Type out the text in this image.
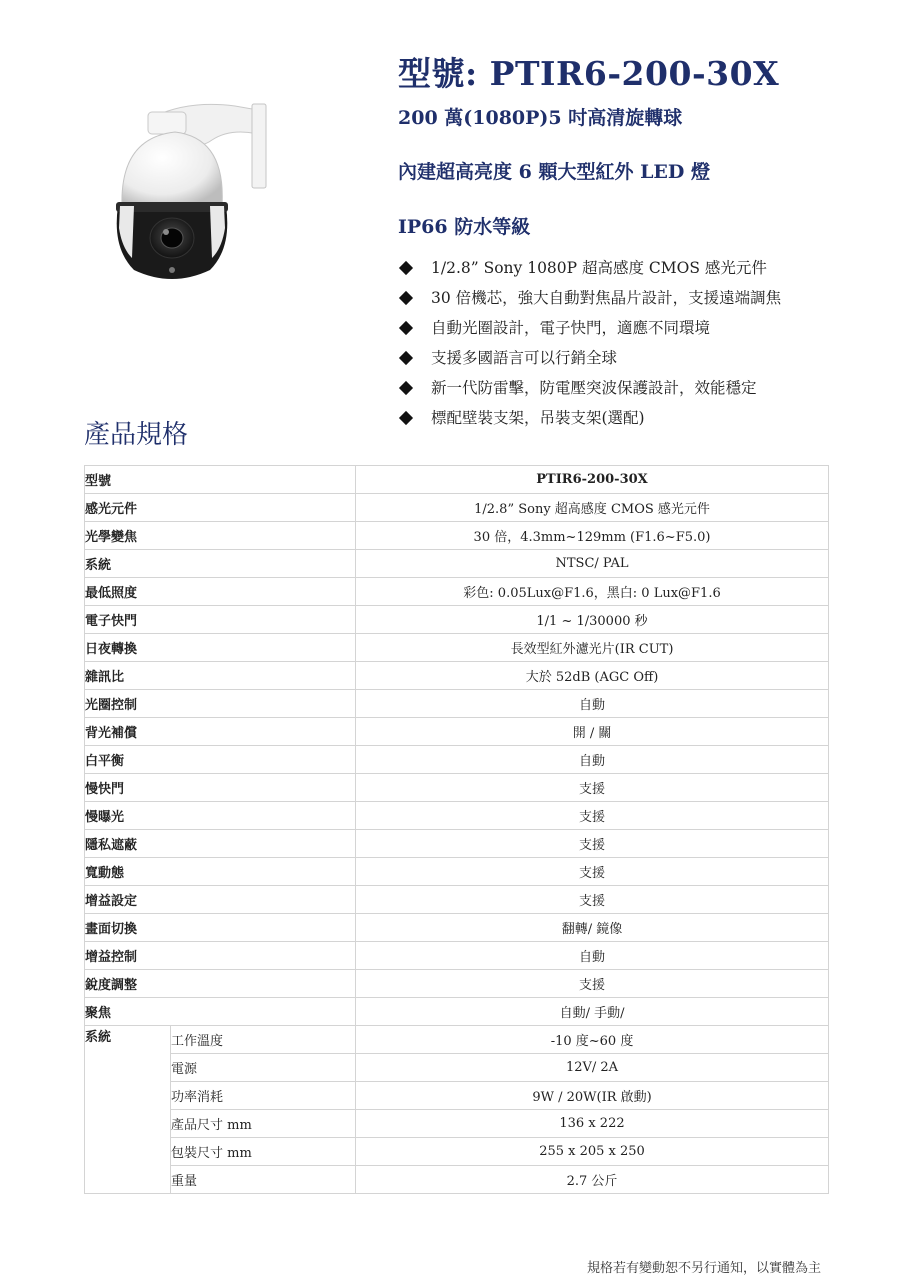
型號: PTIR6-200-30X
200 萬(1080P)5 吋高清旋轉球
內建超高亮度 6 顆大型紅外 LED 燈
IP66 防水等級
1/2.8” Sony 1080P 超高感度 CMOS 感光元件
30 倍機芯，強大自動對焦晶片設計，支援遠端調焦
自動光圈設計，電子快門，適應不同環境
支援多國語言可以行銷全球
新一代防雷擊，防電壓突波保護設計，效能穩定
標配壁裝支架，吊裝支架(選配)
產品規格
型號		PTIR6-200-30X
感光元件		1/2.8” Sony 超高感度 CMOS 感光元件
光學變焦		30 倍，4.3mm~129mm (F1.6~F5.0)
系統		NTSC/ PAL
最低照度		彩色: 0.05Lux@F1.6，黑白: 0 Lux@F1.6
電子快門		1/1 ~ 1/30000 秒
日夜轉換		長效型紅外濾光片(IR CUT)
雜訊比		大於 52dB (AGC Off)
光圈控制		自動
背光補償		開 / 關
白平衡		自動
慢快門		支援
慢曝光		支援
隱私遮蔽		支援
寬動態		支援
增益設定		支援
畫面切換		翻轉/ 鏡像
增益控制		自動
銳度調整		支援
聚焦		自動/ 手動/
系統	工作溫度	-10 度~60 度
	電源	12V/ 2A
	功率消耗	9W / 20W(IR 啟動)
	產品尺寸 mm	136 x 222
	包裝尺寸 mm	255 x 205 x 250
	重量	2.7 公斤
規格若有變動恕不另行通知，以實體為主
